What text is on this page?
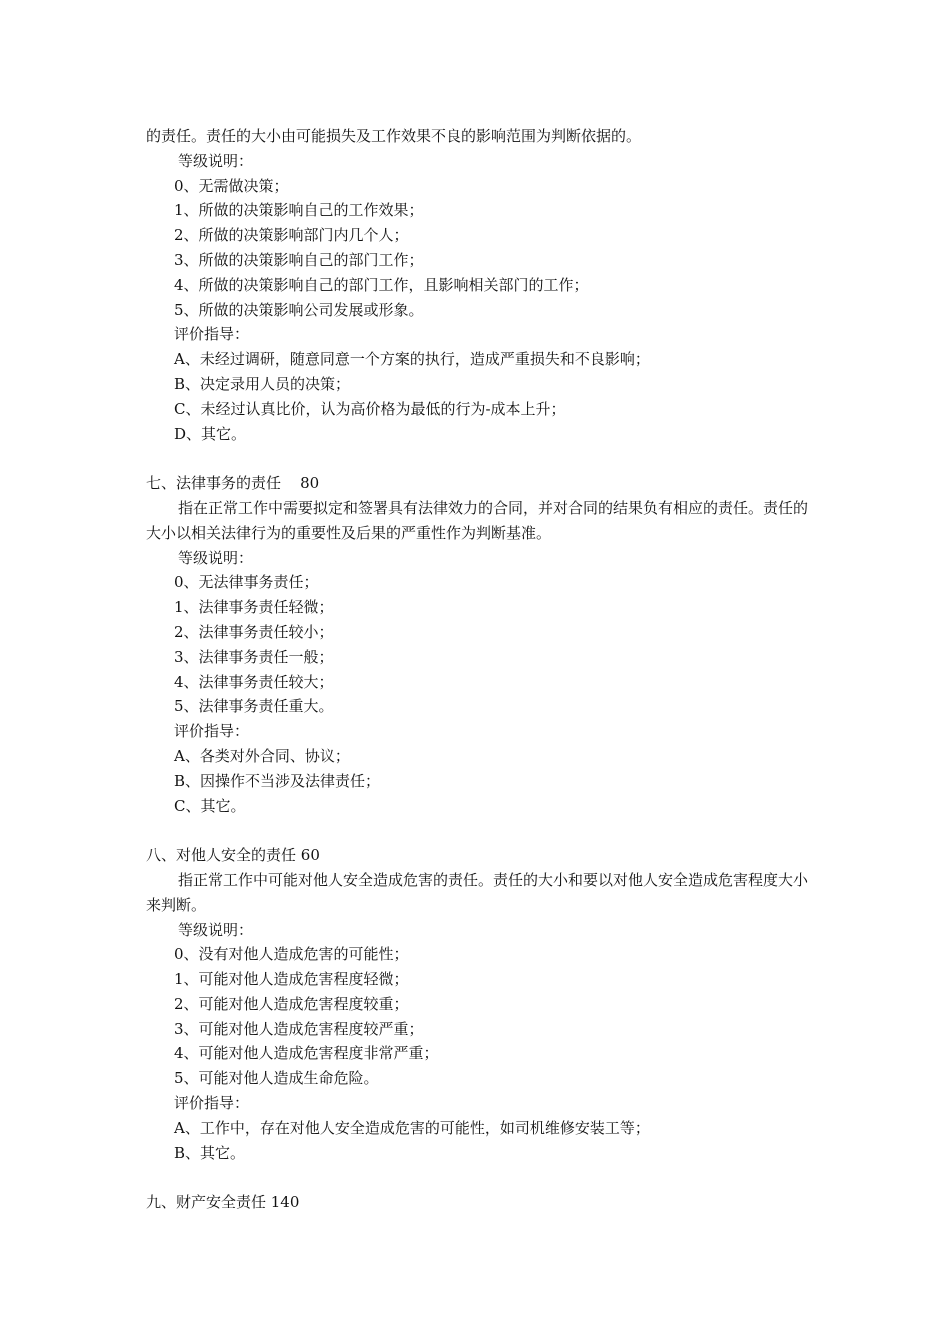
的责任。责任的大小由可能损失及工作效果不良的影响范围为判断依据的。
等级说明：
0、无需做决策；
1、所做的决策影响自己的工作效果；
2、所做的决策影响部门内几个人；
3、所做的决策影响自己的部门工作；
4、所做的决策影响自己的部门工作，且影响相关部门的工作；
5、所做的决策影响公司发展或形象。
评价指导：
A、未经过调研，随意同意一个方案的执行，造成严重损失和不良影响；
B、决定录用人员的决策；
C、未经过认真比价，认为高价格为最低的行为-成本上升；
D、其它。
七、法律事务的责任    80
指在正常工作中需要拟定和签署具有法律效力的合同，并对合同的结果负有相应的责任。责任的大小以相关法律行为的重要性及后果的严重性作为判断基准。
等级说明：
0、无法律事务责任；
1、法律事务责任轻微；
2、法律事务责任较小；
3、法律事务责任一般；
4、法律事务责任较大；
5、法律事务责任重大。
评价指导：
A、各类对外合同、协议；
B、因操作不当涉及法律责任；
C、其它。
八、对他人安全的责任 60
指正常工作中可能对他人安全造成危害的责任。责任的大小和要以对他人安全造成危害程度大小来判断。
等级说明：
0、没有对他人造成危害的可能性；
1、可能对他人造成危害程度轻微；
2、可能对他人造成危害程度较重；
3、可能对他人造成危害程度较严重；
4、可能对他人造成危害程度非常严重；
5、可能对他人造成生命危险。
评价指导：
A、工作中，存在对他人安全造成危害的可能性，如司机维修安装工等；
B、其它。
九、财产安全责任 140
